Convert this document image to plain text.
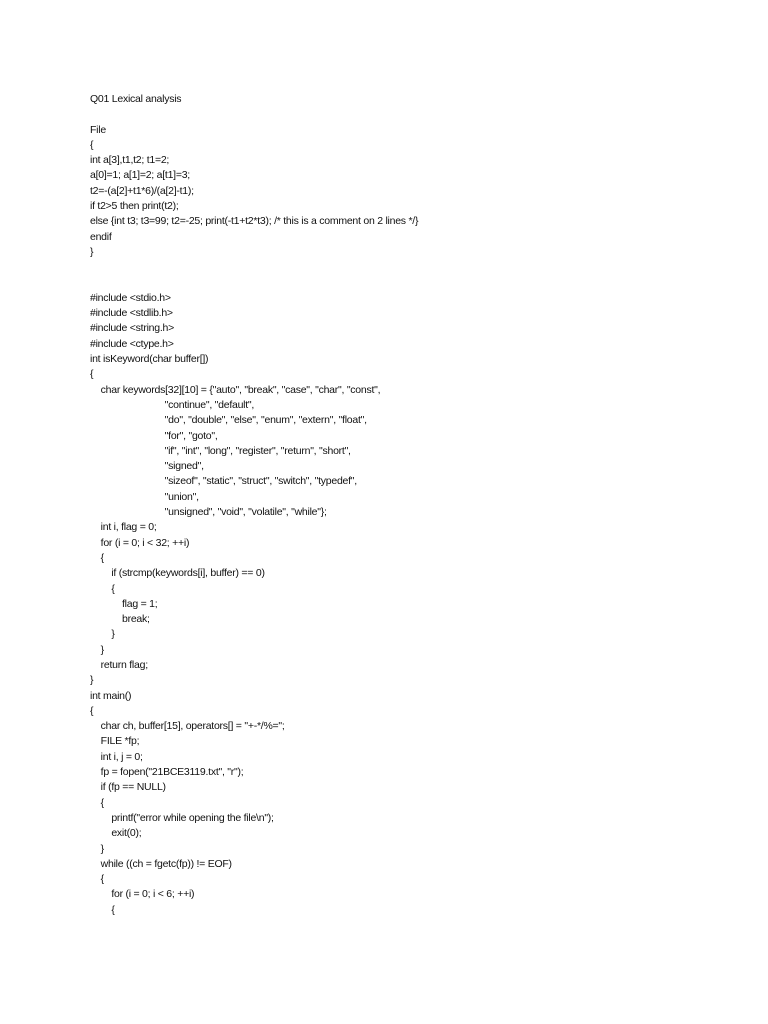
Q01 Lexical analysis
File
{
int a[3],t1,t2; t1=2;
a[0]=1; a[1]=2; a[t1]=3;
t2=-(a[2]+t1*6)/(a[2]-t1);
if t2>5 then print(t2);
else {int t3; t3=99; t2=-25; print(-t1+t2*t3); /* this is a comment on 2 lines */}
endif
}
#include <stdio.h>
#include <stdlib.h>
#include <string.h>
#include <ctype.h>
int isKeyword(char buffer[])
{
char keywords[32][10] = {"auto", "break", "case", "char", "const",
"continue", "default",
"do", "double", "else", "enum", "extern", "float",
"for", "goto",
"if", "int", "long", "register", "return", "short",
"signed",
"sizeof", "static", "struct", "switch", "typedef",
"union",
"unsigned", "void", "volatile", "while"};
int i, flag = 0;
for (i = 0; i < 32; ++i)
{
if (strcmp(keywords[i], buffer) == 0)
{
flag = 1;
break;
}
}
return flag;
}
int main()
{
char ch, buffer[15], operators[] = "+-*/%=";
FILE *fp;
int i, j = 0;
fp = fopen("21BCE3119.txt", "r");
if (fp == NULL)
{
printf("error while opening the file\n");
exit(0);
}
while ((ch = fgetc(fp)) != EOF)
{
for (i = 0; i < 6; ++i)
{
